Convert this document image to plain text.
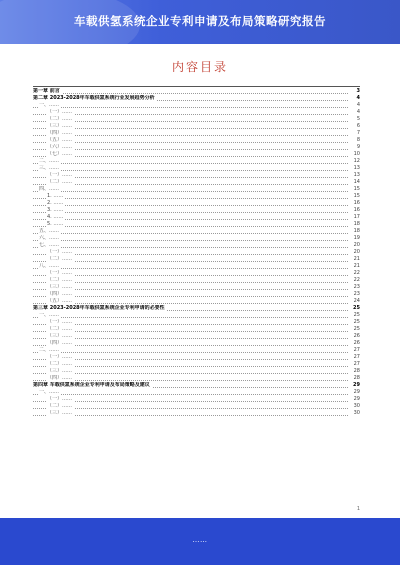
车载供氢系统企业专利申请及布局策略研究报告
内容目录
第一章 前言	3
第二章 2023-2028年车载供氢系统行业发展趋势分析	4
一、……	4
（一）……	4
（二）……	5
（三）……	6
（四）……	7
（五）……	8
（六）……	9
（七）……	10
二、……	12
三、……	13
（一）……	13
（二）……	14
四、……	15
1. ……	15
2. ……	16
3. ……	16
4. ……	17
5. ……	18
五、……	18
六、……	19
七、……	20
（一）……	20
（二）……	21
八、……	21
（一）……	22
（二）……	22
（三）……	23
（四）……	23
（五）……	24
第三章 2023-2028年车载供氢系统企业专利申请的必要性	25
一、……	25
（一）……	25
（二）……	25
（三）……	26
（四）……	26
二、……	27
（一）……	27
（二）……	27
（三）……	28
（四）……	28
第四章 车载供氢系统企业专利申请及布局策略及建议	29
一、……	29
（一）……	29
（二）……	30
（三）……	30
1
……
